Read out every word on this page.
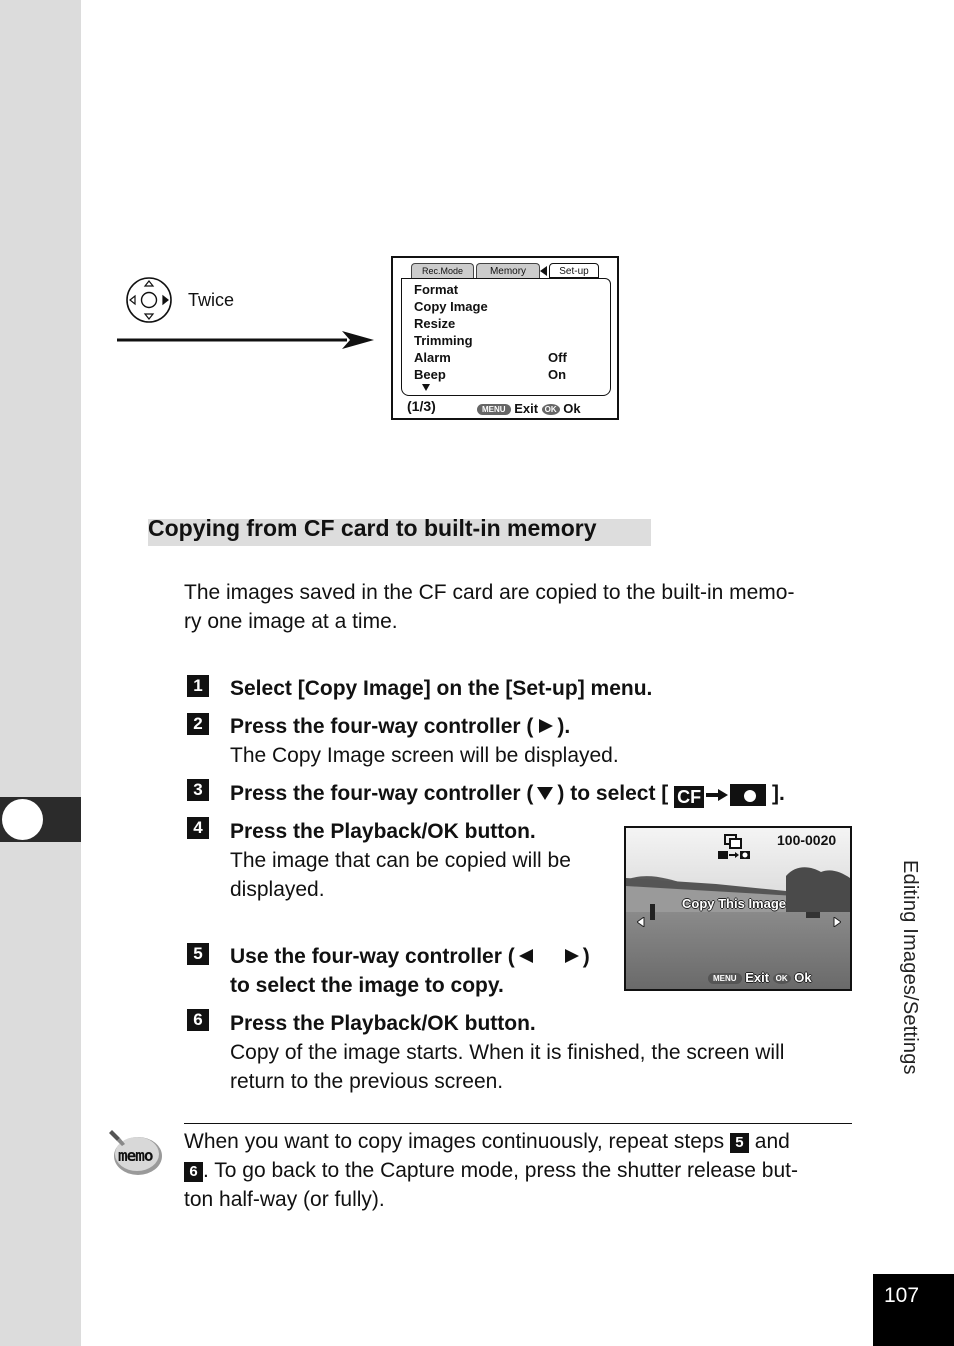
Editing Images/Settings
107
Twice
Rec.Mode	Memory	Set-up
Format
Copy Image
Resize
Trimming
Alarm	Off
Beep	On
(1/3)	MENU Exit OK Ok
Copying from CF card to built-in memory
The images saved in the CF card are copied to the built-in memo-
ry one image at a time.
1 Select [Copy Image] on the [Set-up] menu.
2 Press the four-way controller ( ).
The Copy Image screen will be displayed.
3 Press the four-way controller ( ) to select [ CF	].
4 Press the Playback/OK button.
The image that can be copied will be
displayed.
100-0020
Copy This Image
MENU Exit OK Ok
5 Use the four-way controller (	)
to select the image to copy.
6 Press the Playback/OK button.
Copy of the image starts. When it is finished, the screen will
return to the previous screen.
memo
When you want to copy images continuously, repeat steps 5 and
6 . To go back to the Capture mode, press the shutter release but-
ton half-way (or fully).
